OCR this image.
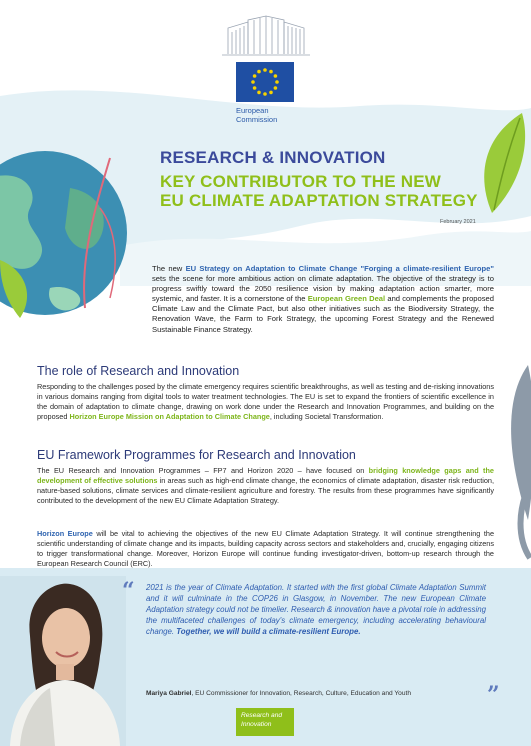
European
Commission
RESEARCH & INNOVATION
KEY CONTRIBUTOR TO THE NEW
EU CLIMATE ADAPTATION STRATEGY
February 2021

The new EU Strategy on Adaptation to Climate Change "Forging a climate-resilient Europe" sets the scene for more ambitious action on climate adaptation. The objective of the strategy is to progress swiftly toward the 2050 resilience vision by making adaptation action smarter, more systemic, and faster. It is a cornerstone of the European Green Deal and complements the proposed Climate Law and the Climate Pact, but also other initiatives such as the Biodiversity Strategy, the Renovation Wave, the Farm to Fork Strategy, the upcoming Forest Strategy and the Renewed Sustainable Finance Strategy.

The role of Research and Innovation

Responding to the challenges posed by the climate emergency requires scientific breakthroughs, as well as testing and de-risking innovations in various domains ranging from digital tools to water treatment technologies. The EU is set to expand the frontiers of scientific excellence in the domain of adaptation to climate change, drawing on work done under the Research and Innovation Programmes, and building on the proposed Horizon Europe Mission on Adaptation to Climate Change, including Societal Transformation.

EU Framework Programmes for Research and Innovation

The EU Research and Innovation Programmes – FP7 and Horizon 2020 – have focused on bridging knowledge gaps and the development of effective solutions in areas such as high-end climate change, the economics of climate adaptation, disaster risk reduction, nature-based solutions, climate services and climate-resilient agriculture and forestry. The results from these programmes have significantly contributed to the development of the new EU Climate Adaptation Strategy.

Horizon Europe will be vital to achieving the objectives of the new EU Climate Adaptation Strategy. It will continue strengthening the scientific understanding of climate change and its impacts, building capacity across sectors and stakeholders and, crucially, engaging citizens to trigger transformational change. Moreover, Horizon Europe will continue funding investigator-driven, bottom-up research through the European Research Council (ERC).

“ 2021 is the year of Climate Adaptation. It started with the first global Climate Adaptation Summit and it will culminate in the COP26 in Glasgow, in November. The new European Climate Adaptation strategy could not be timelier. Research & innovation have a pivotal role in addressing the multifaceted challenges of today's climate emergency, including accelerating behavioural change. Together, we will build a climate-resilient Europe.

”

Mariya Gabriel, EU Commissioner for Innovation, Research, Culture, Education and Youth

Research and
Innovation
